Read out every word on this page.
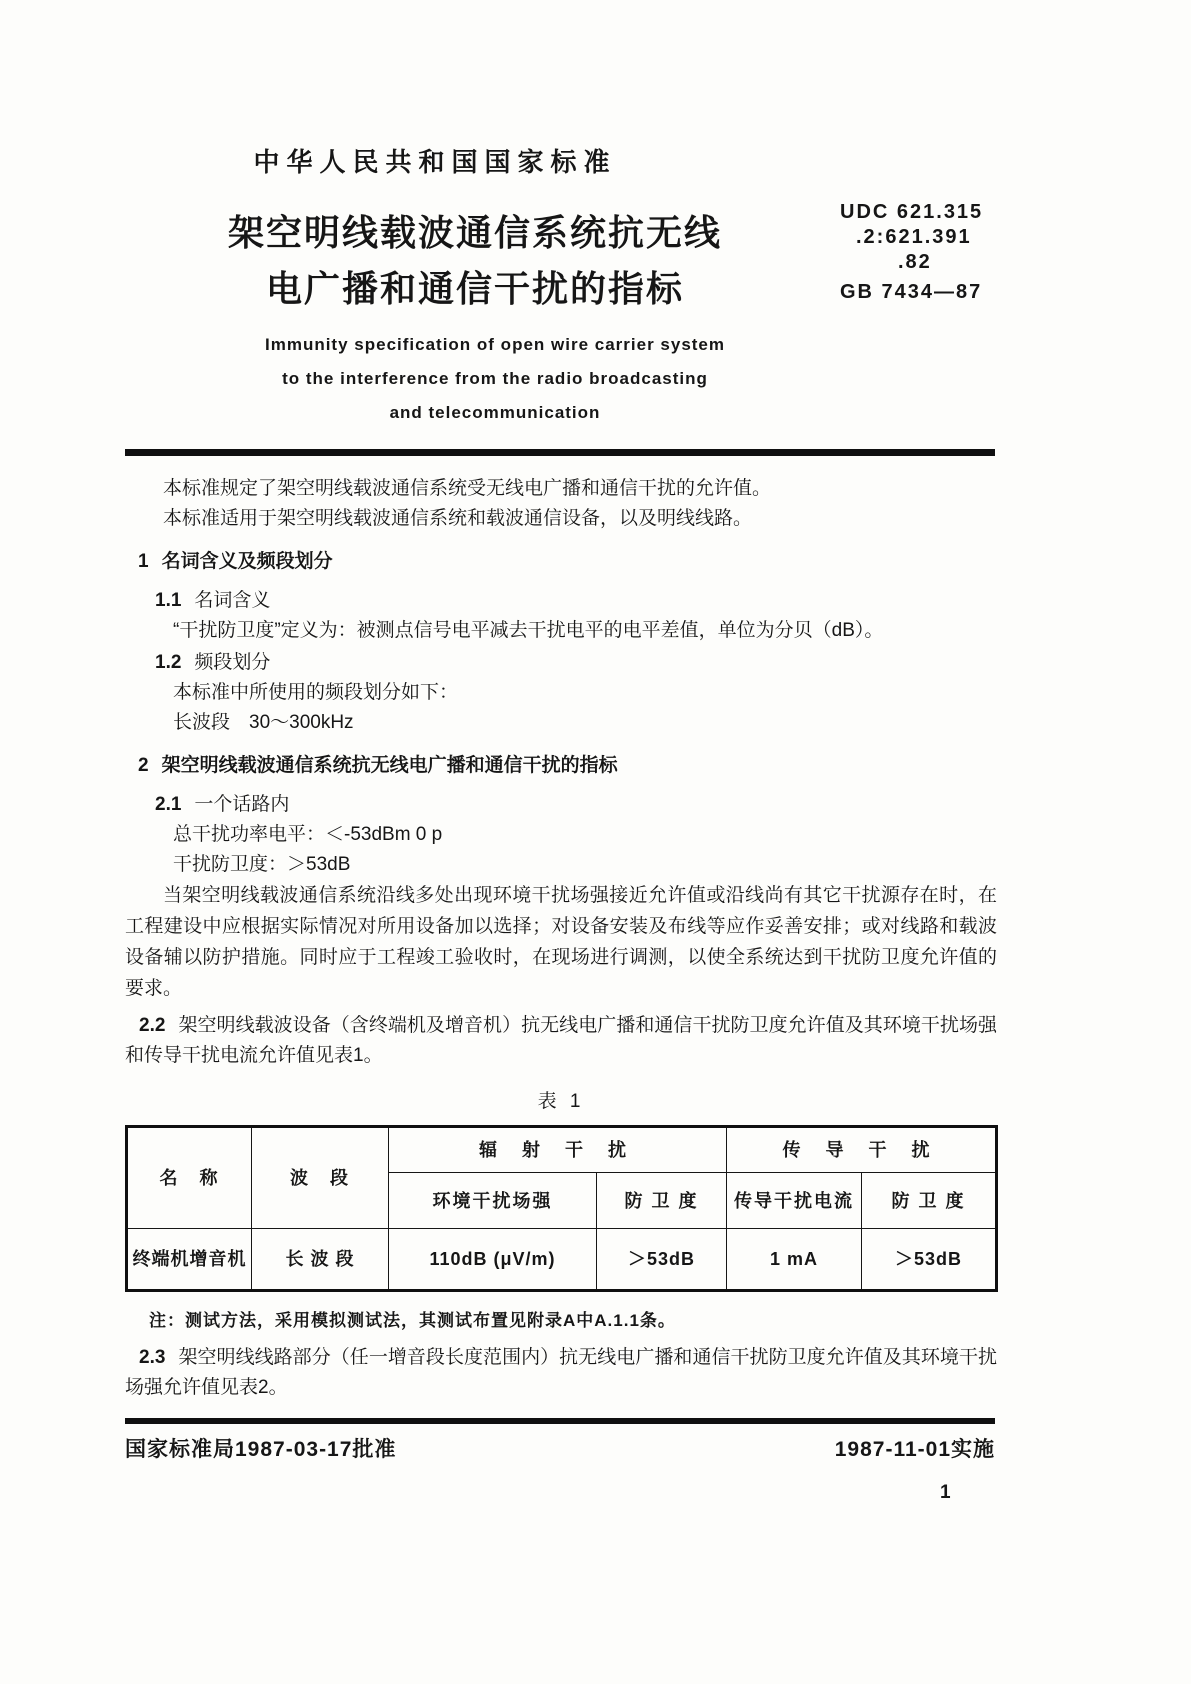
中华人民共和国国家标准
架空明线载波通信系统抗无线
电广播和通信干扰的指标
UDC 621.315
.2:621.391
.82
GB 7434—87
Immunity specification of open wire carrier system
to the interference from the radio broadcasting
and telecommunication

本标准规定了架空明线载波通信系统受无线电广播和通信干扰的允许值。

本标准适用于架空明线载波通信系统和载波通信设备，以及明线线路。

1 名词含义及频段划分

1.1 名词含义

“干扰防卫度”定义为：被测点信号电平减去干扰电平的电平差值，单位为分贝（dB）。

1.2 频段划分

本标准中所使用的频段划分如下：

长波段　30～300kHz

2 架空明线载波通信系统抗无线电广播和通信干扰的指标

2.1 一个话路内

总干扰功率电平：＜-53dBm 0 p

干扰防卫度：＞53dB

当架空明线载波通信系统沿线多处出现环境干扰场强接近允许值或沿线尚有其它干扰源存在时，在工程建设中应根据实际情况对所用设备加以选择；对设备安装及布线等应作妥善安排；或对线路和载波设备辅以防护措施。同时应于工程竣工验收时，在现场进行调测，以使全系统达到干扰防卫度允许值的要求。

2.2 架空明线载波设备（含终端机及增音机）抗无线电广播和通信干扰防卫度允许值及其环境干扰场强和传导干扰电流允许值见表1。

表 1
名　称	波　段	辐 射 干 扰		传 导 干 扰	
		环境干扰场强	防 卫 度	传导干扰电流	防 卫 度
终端机增音机	长 波 段	110dB (μV/m)	＞53dB	1 mA	＞53dB

注：测试方法，采用模拟测试法，其测试布置见附录A中A.1.1条。

2.3 架空明线线路部分（任一增音段长度范围内）抗无线电广播和通信干扰防卫度允许值及其环境干扰场强允许值见表2。

国家标准局1987-03-17批准	1987-11-01实施
1
